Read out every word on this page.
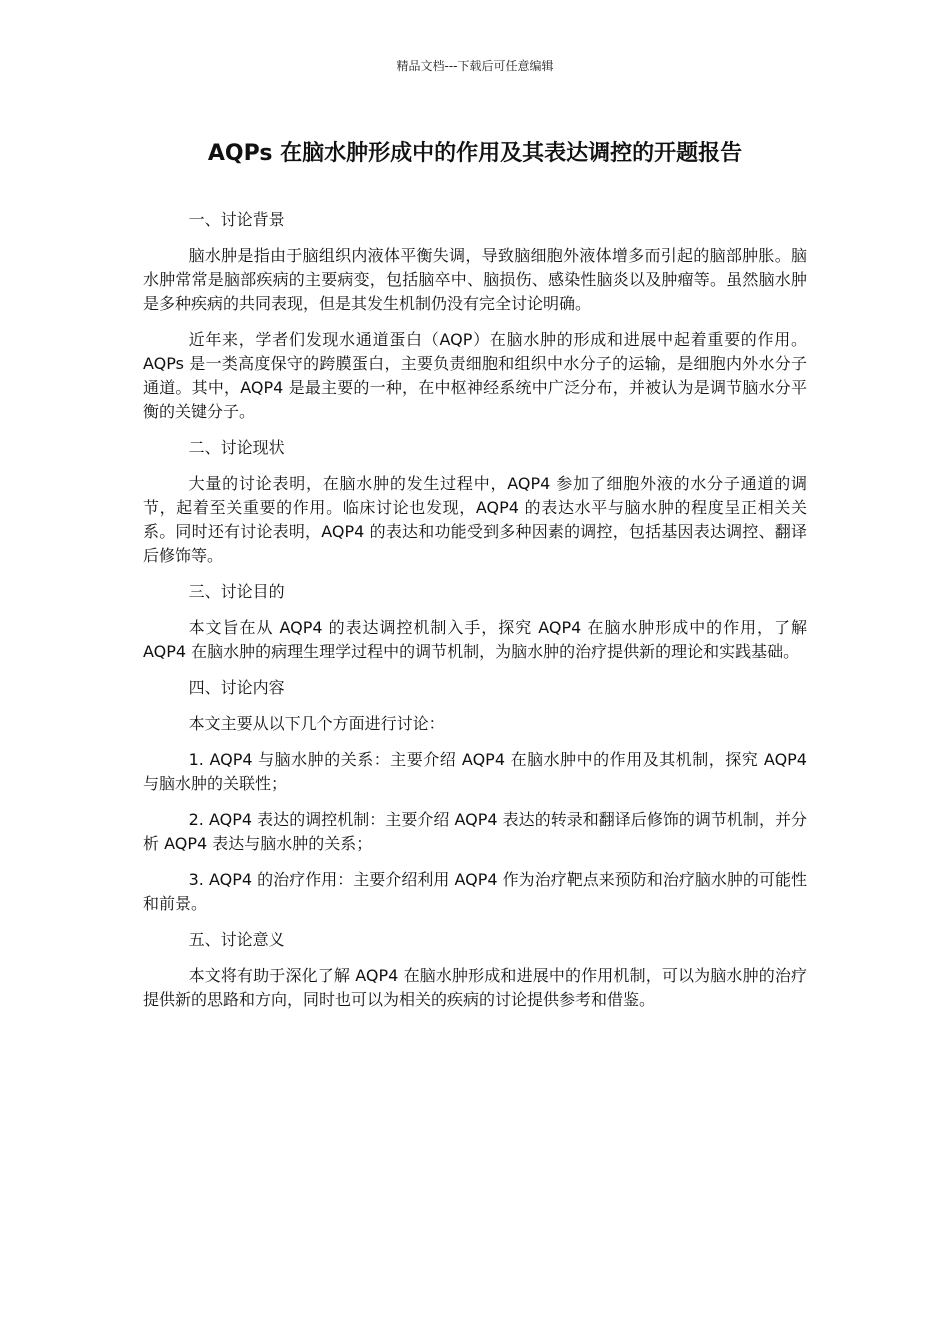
精品文档---下载后可任意编辑
AQPs 在脑水肿形成中的作用及其表达调控的开题报告

一、讨论背景

脑水肿是指由于脑组织内液体平衡失调，导致脑细胞外液体增多而引起的脑部肿胀。脑水肿常常是脑部疾病的主要病变，包括脑卒中、脑损伤、感染性脑炎以及肿瘤等。虽然脑水肿是多种疾病的共同表现，但是其发生机制仍没有完全讨论明确。

近年来，学者们发现水通道蛋白（AQP）在脑水肿的形成和进展中起着重要的作用。 AQPs 是一类高度保守的跨膜蛋白，主要负责细胞和组织中水分子的运输，是细胞内外水分子通道。其中，AQP4 是最主要的一种，在中枢神经系统中广泛分布，并被认为是调节脑水分平衡的关键分子。

二、讨论现状

大量的讨论表明，在脑水肿的发生过程中，AQP4 参加了细胞外液的水分子通道的调节，起着至关重要的作用。临床讨论也发现，AQP4 的表达水平与脑水肿的程度呈正相关关系。同时还有讨论表明，AQP4 的表达和功能受到多种因素的调控，包括基因表达调控、翻译后修饰等。

三、讨论目的

本文旨在从 AQP4 的表达调控机制入手，探究 AQP4 在脑水肿形成中的作用，了解 AQP4 在脑水肿的病理生理学过程中的调节机制，为脑水肿的治疗提供新的理论和实践基础。

四、讨论内容

本文主要从以下几个方面进行讨论：

1. AQP4 与脑水肿的关系：主要介绍 AQP4 在脑水肿中的作用及其机制，探究 AQP4 与脑水肿的关联性；

2. AQP4 表达的调控机制：主要介绍 AQP4 表达的转录和翻译后修饰的调节机制，并分析 AQP4 表达与脑水肿的关系；

3. AQP4 的治疗作用：主要介绍利用 AQP4 作为治疗靶点来预防和治疗脑水肿的可能性和前景。

五、讨论意义

本文将有助于深化了解 AQP4 在脑水肿形成和进展中的作用机制，可以为脑水肿的治疗提供新的思路和方向，同时也可以为相关的疾病的讨论提供参考和借鉴。
